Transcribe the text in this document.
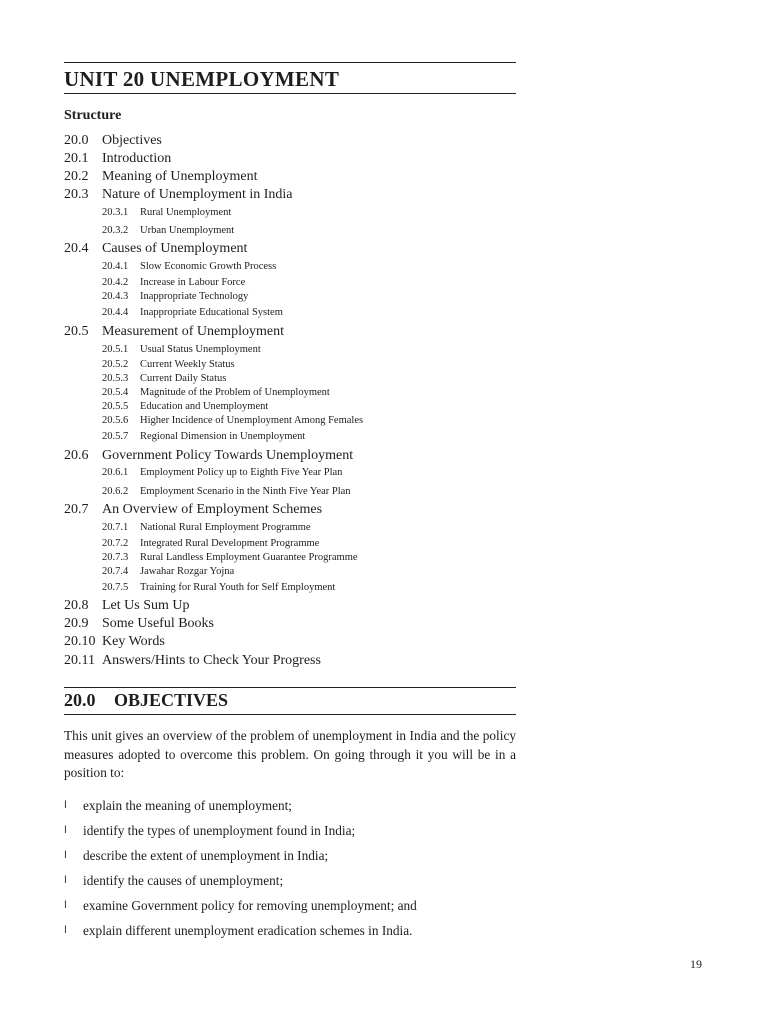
UNIT 20 UNEMPLOYMENT
Structure
20.0 Objectives
20.1 Introduction
20.2 Meaning of Unemployment
20.3 Nature of Unemployment in India
20.3.1 Rural Unemployment
20.3.2 Urban Unemployment
20.4 Causes of Unemployment
20.4.1 Slow Economic Growth Process
20.4.2 Increase in Labour Force
20.4.3 Inappropriate Technology
20.4.4 Inappropriate Educational System
20.5 Measurement of Unemployment
20.5.1 Usual Status Unemployment
20.5.2 Current Weekly Status
20.5.3 Current Daily Status
20.5.4 Magnitude of the Problem of Unemployment
20.5.5 Education and Unemployment
20.5.6 Higher Incidence of Unemployment Among Females
20.5.7 Regional Dimension in Unemployment
20.6 Government Policy Towards Unemployment
20.6.1 Employment Policy up to Eighth Five Year Plan
20.6.2 Employment Scenario in the Ninth Five Year Plan
20.7 An Overview of Employment Schemes
20.7.1 National Rural Employment Programme
20.7.2 Integrated Rural Development Programme
20.7.3 Rural Landless Employment Guarantee Programme
20.7.4 Jawahar Rozgar Yojna
20.7.5 Training for Rural Youth for Self Employment
20.8 Let Us Sum Up
20.9 Some Useful Books
20.10 Key Words
20.11 Answers/Hints to Check Your Progress
20.0 OBJECTIVES
This unit gives an overview of the problem of unemployment in India and the policy measures adopted to overcome this problem. On going through it you will be in a position to:
l explain the meaning of unemployment;
l identify the types of unemployment found in India;
l describe the extent of unemployment in India;
l identify the causes of unemployment;
l examine Government policy for removing unemployment; and
l explain different unemployment eradication schemes in India.
19
